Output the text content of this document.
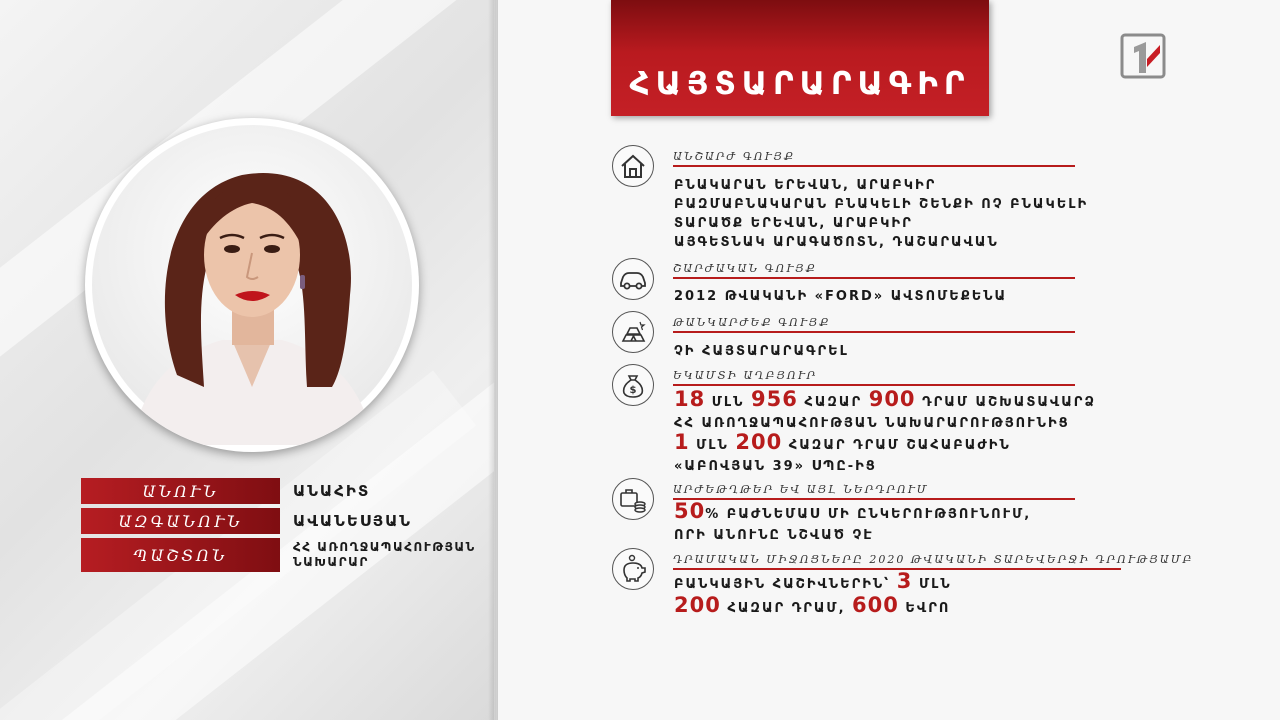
ԱՆՈՒՆ	ԱՆԱՀԻՏ
ԱԶԳԱՆՈՒՆ	ԱՎԱՆԵՍՅԱՆ
ՊԱՇՏՈՆ	ՀՀ ԱՌՈՂՋԱՊԱՀՈՒԹՅԱՆ
ՆԱԽԱՐԱՐ
ՀԱՅՏԱՐԱՐԱԳԻՐ
ԱՆՇԱՐԺ ԳՈՒՅՔ
ԲՆԱԿԱՐԱՆ ԵՐԵՎԱՆ, ԱՐԱԲԿԻՐ
ԲԱԶՄԱԲՆԱԿԱՐԱՆ ԲՆԱԿԵԼԻ ՇԵՆՔԻ ՈՉ ԲՆԱԿԵԼԻ
ՏԱՐԱԾՔ ԵՐԵՎԱՆ, ԱՐԱԲԿԻՐ
ԱՅԳԵՏՆԱԿ ԱՐԱԳԱԾՈՏՆ, ԴԱՇԱՐԱՎԱՆ
ՇԱՐԺԱԿԱՆ ԳՈՒՅՔ
2012 ԹՎԱԿԱՆԻ «FORD» ԱՎՏՈՄԵՔԵՆԱ
ԹԱՆԿԱՐԺԵՔ ԳՈՒՅՔ
ՉԻ ՀԱՅՏԱՐԱՐԱԳՐԵԼ
$
ԵԿԱՄՏԻ ԱՂԲՅՈՒՐ
18 ՄԼՆ 956 ՀԱԶԱՐ 900 ԴՐԱՄ ԱՇԽԱՏԱՎԱՐՁ
ՀՀ ԱՌՈՂՋԱՊԱՀՈՒԹՅԱՆ ՆԱԽԱՐԱՐՈՒԹՅՈՒՆԻՑ
1 ՄԼՆ 200 ՀԱԶԱՐ ԴՐԱՄ ՇԱՀԱԲԱԺԻՆ
«ԱԲՈՎՅԱՆ 39» ՍՊԸ-ԻՑ
ԱՐԺԵԹՂԹԵՐ ԵՎ ԱՅԼ ՆԵՐԴՐՈՒՄ
50% ԲԱԺՆԵՄԱՍ ՄԻ ԸՆԿԵՐՈՒԹՅՈՒՆՈՒՄ,
ՈՐԻ ԱՆՈՒՆԸ ՆՇՎԱԾ ՉԷ
ԴՐԱՄԱԿԱՆ ՄԻՋՈՑՆԵՐԸ 2020 ԹՎԱԿԱՆԻ ՏԱՐԵՎԵՐՋԻ ԴՐՈՒԹՅԱՄԲ
ԲԱՆԿԱՅԻՆ ՀԱՇԻՎՆԵՐԻՆ՝ 3 ՄԼՆ
200 ՀԱԶԱՐ ԴՐԱՄ, 600 ԵՎՐՈ
